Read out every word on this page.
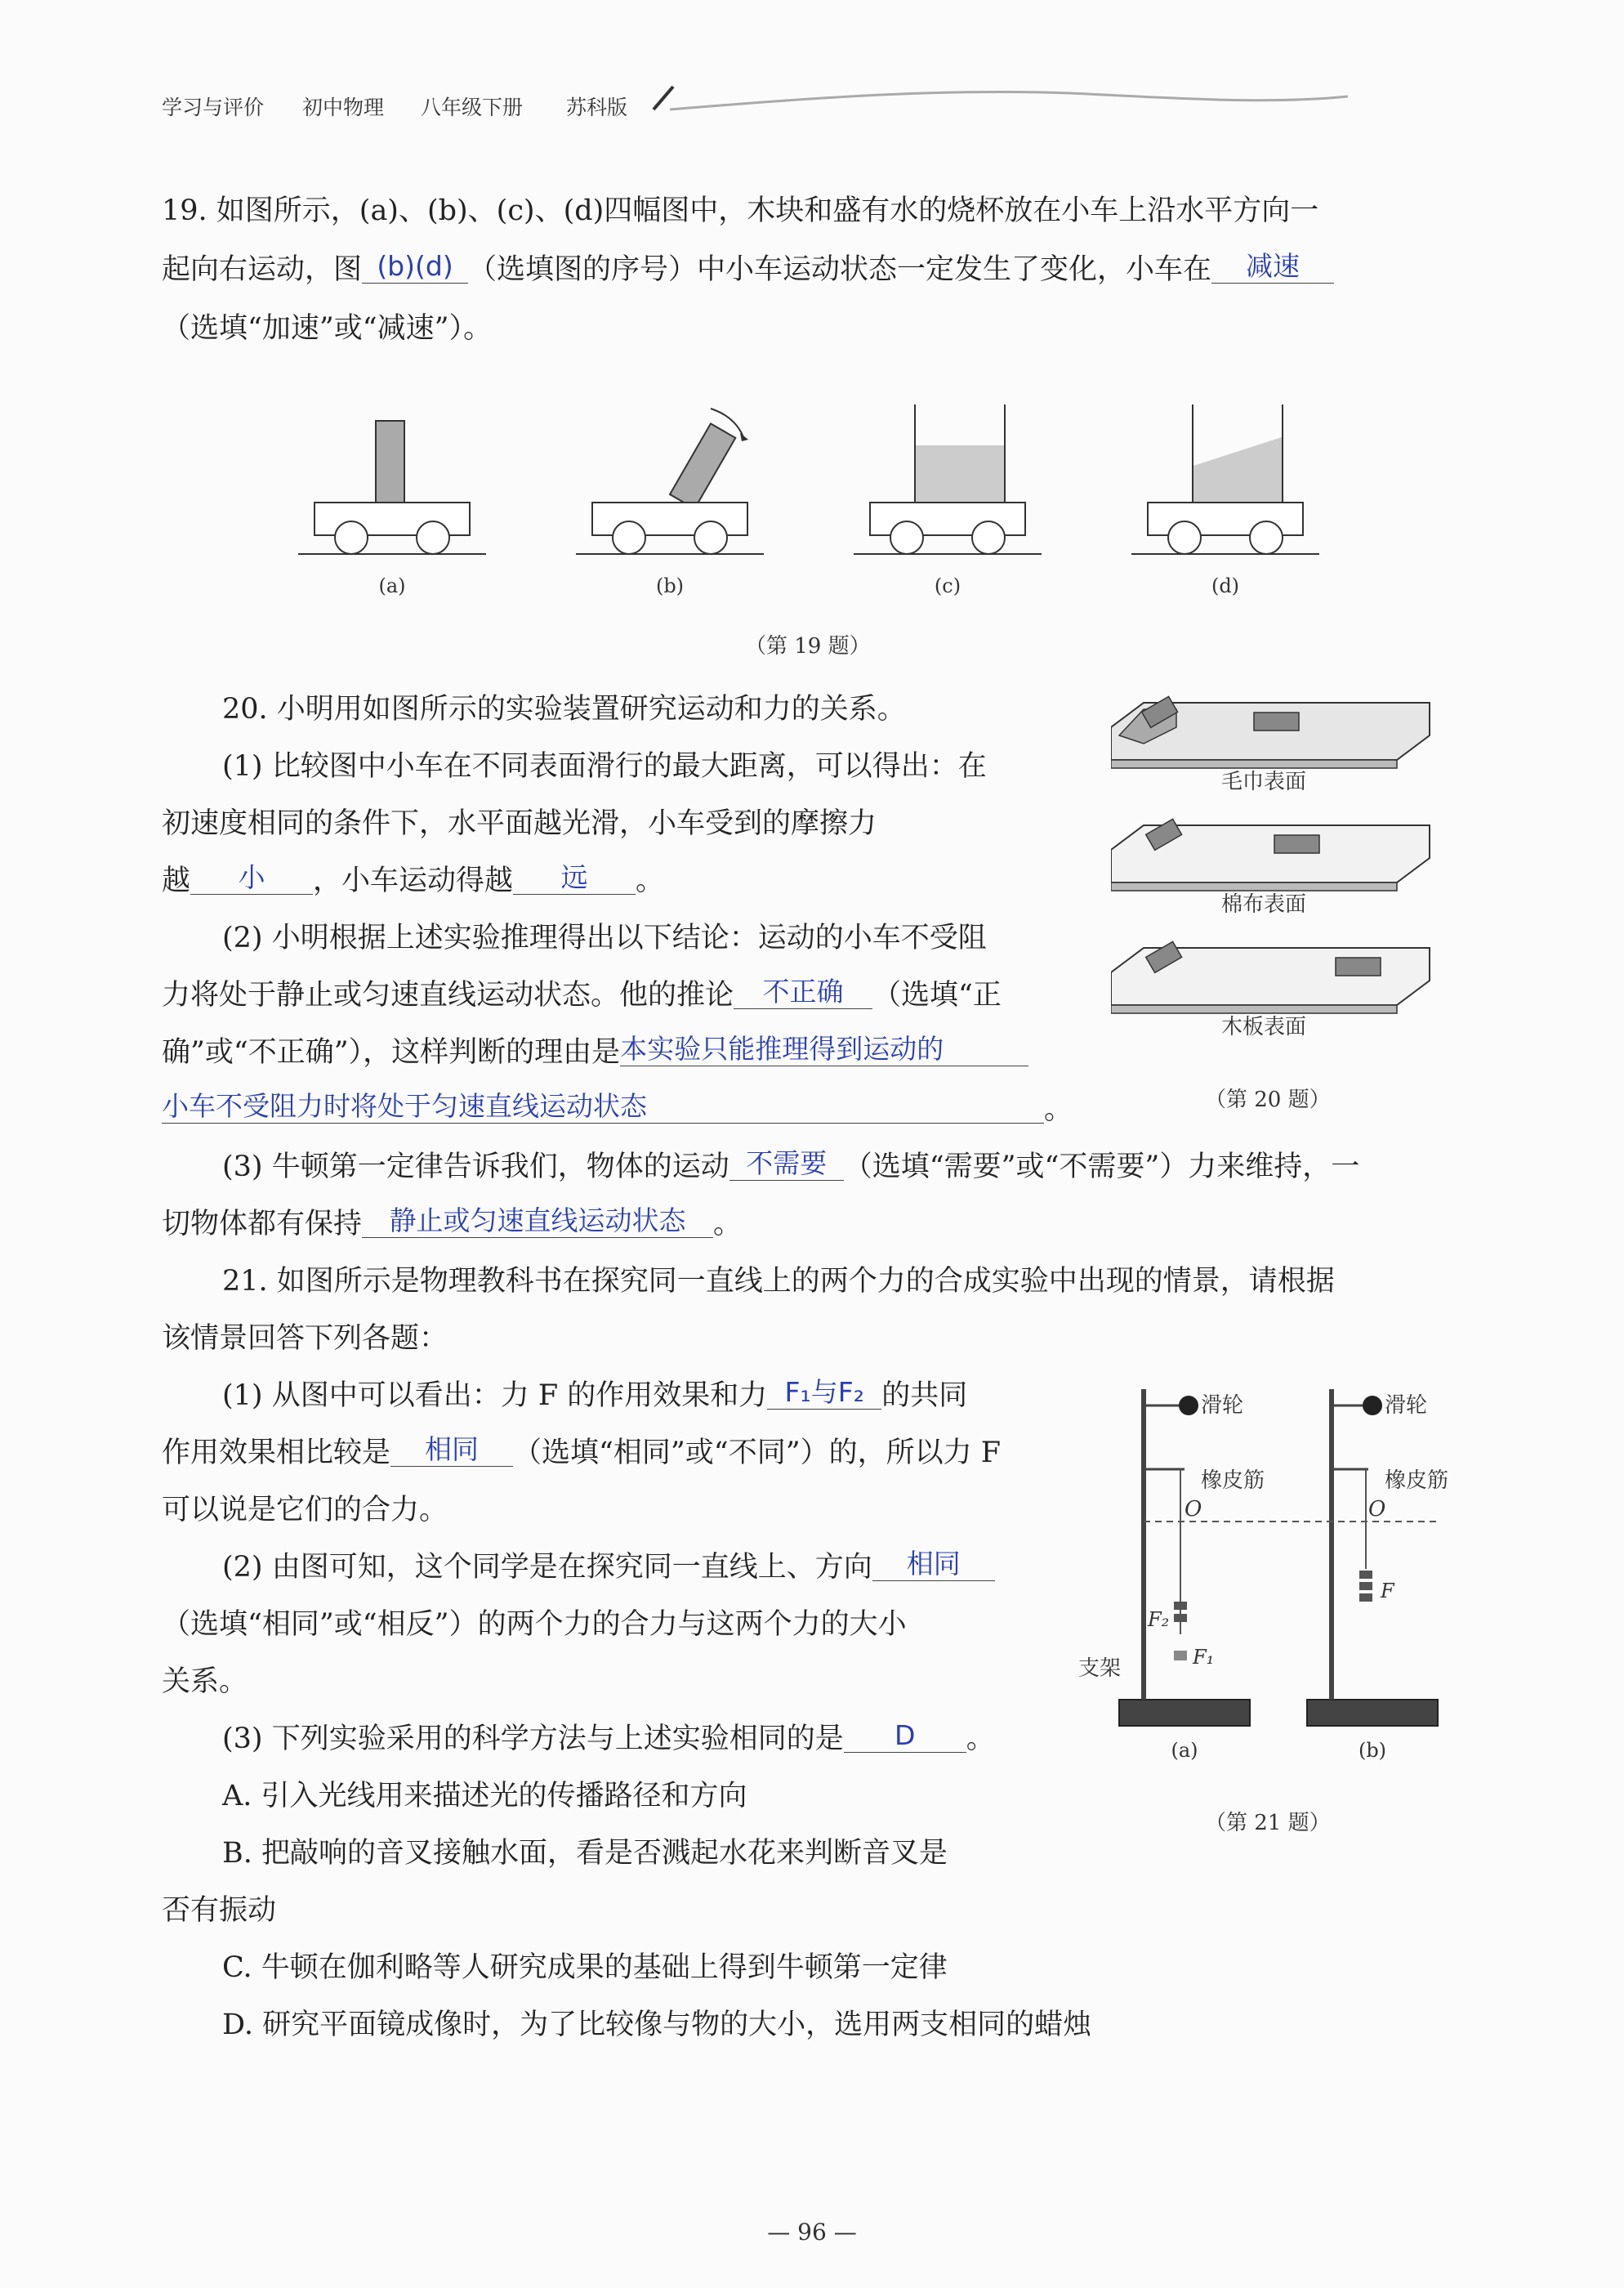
学习与评价 初中物理 八年级下册 苏科版
19. 如图所示，(a)、(b)、(c)、(d)四幅图中，木块和盛有水的烧杯放在小车上沿水平方向一
起向右运动，图 (b)(d) （选填图的序号）中小车运动状态一定发生了变化，小车在 减速
（选填“加速”或“减速”）。
(a)	(b)	(c)	(d)
（第 19 题）
20. 小明用如图所示的实验装置研究运动和力的关系。
(1) 比较图中小车在不同表面滑行的最大距离，可以得出：在
初速度相同的条件下，水平面越光滑，小车受到的摩擦力
越 小 ，小车运动得越 远 。
(2) 小明根据上述实验推理得出以下结论：运动的小车不受阻
力将处于静止或匀速直线运动状态。他的推论 不正确 （选填“正
确”或“不正确”），这样判断的理由是本实验只能推理得到运动的
小车不受阻力时将处于匀速直线运动状态	。
(3) 牛顿第一定律告诉我们，物体的运动 不需要 （选填“需要”或“不需要”）力来维持，一
切物体都有保持 静止或匀速直线运动状态 。
毛巾表面
棉布表面
木板表面
（第 20 题）
21. 如图所示是物理教科书在探究同一直线上的两个力的合成实验中出现的情景，请根据
该情景回答下列各题：
(1) 从图中可以看出：力 F 的作用效果和力 F₁与F₂ 的共同
作用效果相比较是 相同 （选填“相同”或“不同”）的，所以力 F
可以说是它们的合力。
(2) 由图可知，这个同学是在探究同一直线上、方向 相同
（选填“相同”或“相反”）的两个力的合力与这两个力的大小
关系。
(3) 下列实验采用的科学方法与上述实验相同的是 D 。
A. 引入光线用来描述光的传播路径和方向
B. 把敲响的音叉接触水面，看是否溅起水花来判断音叉是
否有振动
C. 牛顿在伽利略等人研究成果的基础上得到牛顿第一定律
D. 研究平面镜成像时，为了比较像与物的大小，选用两支相同的蜡烛
滑轮
橡皮筋
O
F₂
F₁
支架
滑轮
橡皮筋
O
F
(a)	(b)
（第 21 题）
— 96 —
